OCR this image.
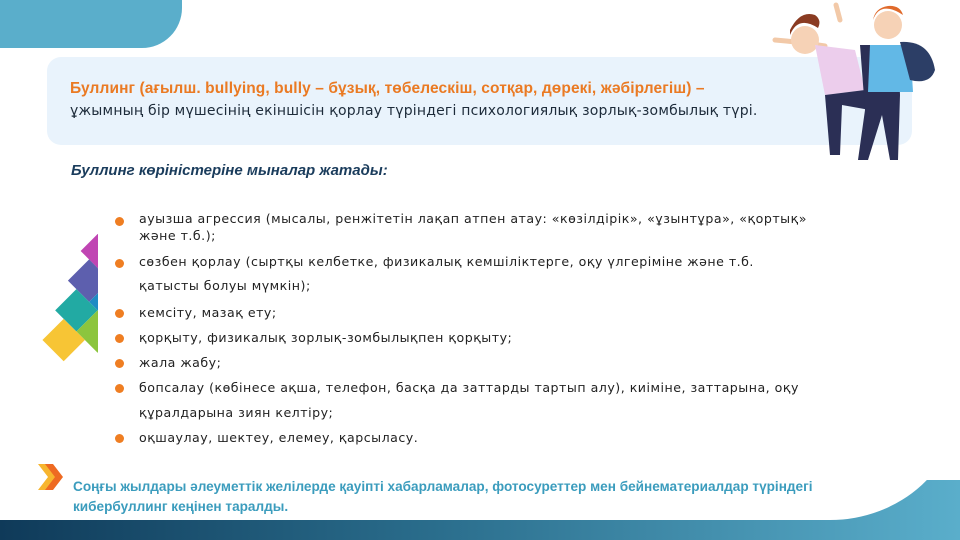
Буллинг (ағылш. bullying, bully – бұзық, төбелескіш, сотқар, дөрекі, жәбірлегіш) –
ұжымның бір мүшесінің екіншісін қорлау түріндегі психологиялық зорлық-зомбылық түрі.
Буллинг көріністеріне мыналар жатады:
ауызша агрессия (мысалы, ренжітетін лақап атпен атау: «көзілдірік», «ұзынтұра», «қортық»
және т.б.);
сөзбен қорлау (сыртқы келбетке, физикалық кемшіліктерге, оқу үлгеріміне және т.б.
қатысты болуы мүмкін);
кемсіту, мазақ ету;
қорқыту, физикалық зорлық-зомбылықпен қорқыту;
жала жабу;
бопсалау (көбінесе ақша, телефон, басқа да заттарды тартып алу), киіміне, заттарына, оқу
құралдарына зиян келтіру;
оқшаулау, шектеу, елемеу, қарсыласу.
Соңғы жылдары әлеуметтік желілерде қауіпті хабарламалар, фотосуреттер мен бейнематериалдар түріндегі кибербуллинг кеңінен таралды.
